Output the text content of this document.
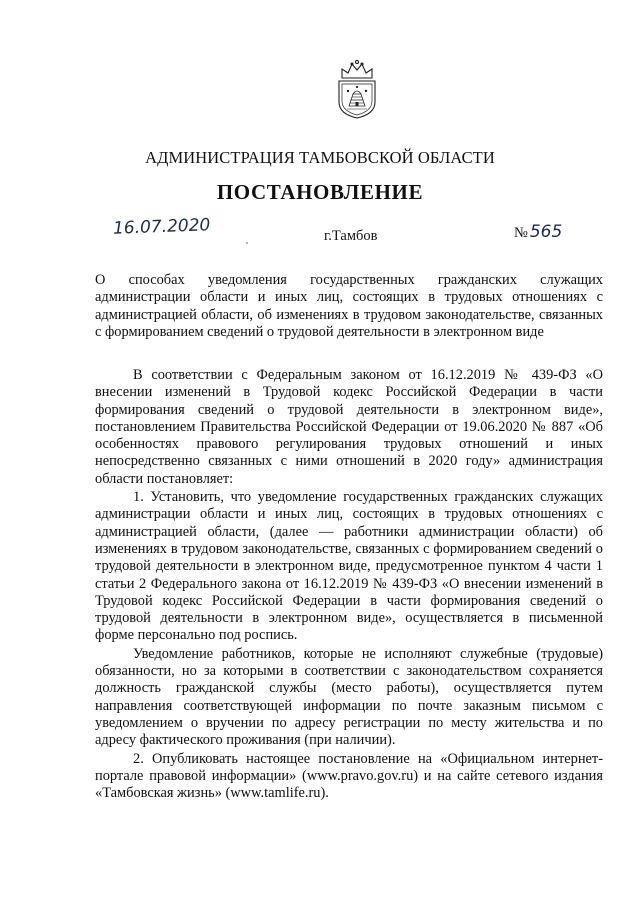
АДМИНИСТРАЦИЯ ТАМБОВСКОЙ ОБЛАСТИ
ПОСТАНОВЛЕНИЕ
16.07.2020	г.Тамбов	№ 565
О способах уведомления государственных гражданских служащих администрации области и иных лиц, состоящих в трудовых отношениях с администрацией области, об изменениях в трудовом законодательстве, связанных с формированием сведений о трудовой деятельности в электронном виде

В соответствии с Федеральным законом от 16.12.2019 № 439-ФЗ «О внесении изменений в Трудовой кодекс Российской Федерации в части формирования сведений о трудовой деятельности в электронном виде», постановлением Правительства Российской Федерации от 19.06.2020 № 887 «Об особенностях правового регулирования трудовых отношений и иных непосредственно связанных с ними отношений в 2020 году» администрация области постановляет:

1. Установить, что уведомление государственных гражданских служащих администрации области и иных лиц, состоящих в трудовых отношениях с администрацией области, (далее — работники администрации области) об изменениях в трудовом законодательстве, связанных с формированием сведений о трудовой деятельности в электронном виде, предусмотренное пунктом 4 части 1 статьи 2 Федерального закона от 16.12.2019 № 439-ФЗ «О внесении изменений в Трудовой кодекс Российской Федерации в части формирования сведений о трудовой деятельности в электронном виде», осуществляется в письменной форме персонально под роспись.

Уведомление работников, которые не исполняют служебные (трудовые) обязанности, но за которыми в соответствии с законодательством сохраняется должность гражданской службы (место работы), осуществляется путем направления соответствующей информации по почте заказным письмом с уведомлением о вручении по адресу регистрации по месту жительства и по адресу фактического проживания (при наличии).

2. Опубликовать настоящее постановление на «Официальном интернет-портале правовой информации» (www.pravo.gov.ru) и на сайте сетевого издания «Тамбовская жизнь» (www.tamlife.ru).
